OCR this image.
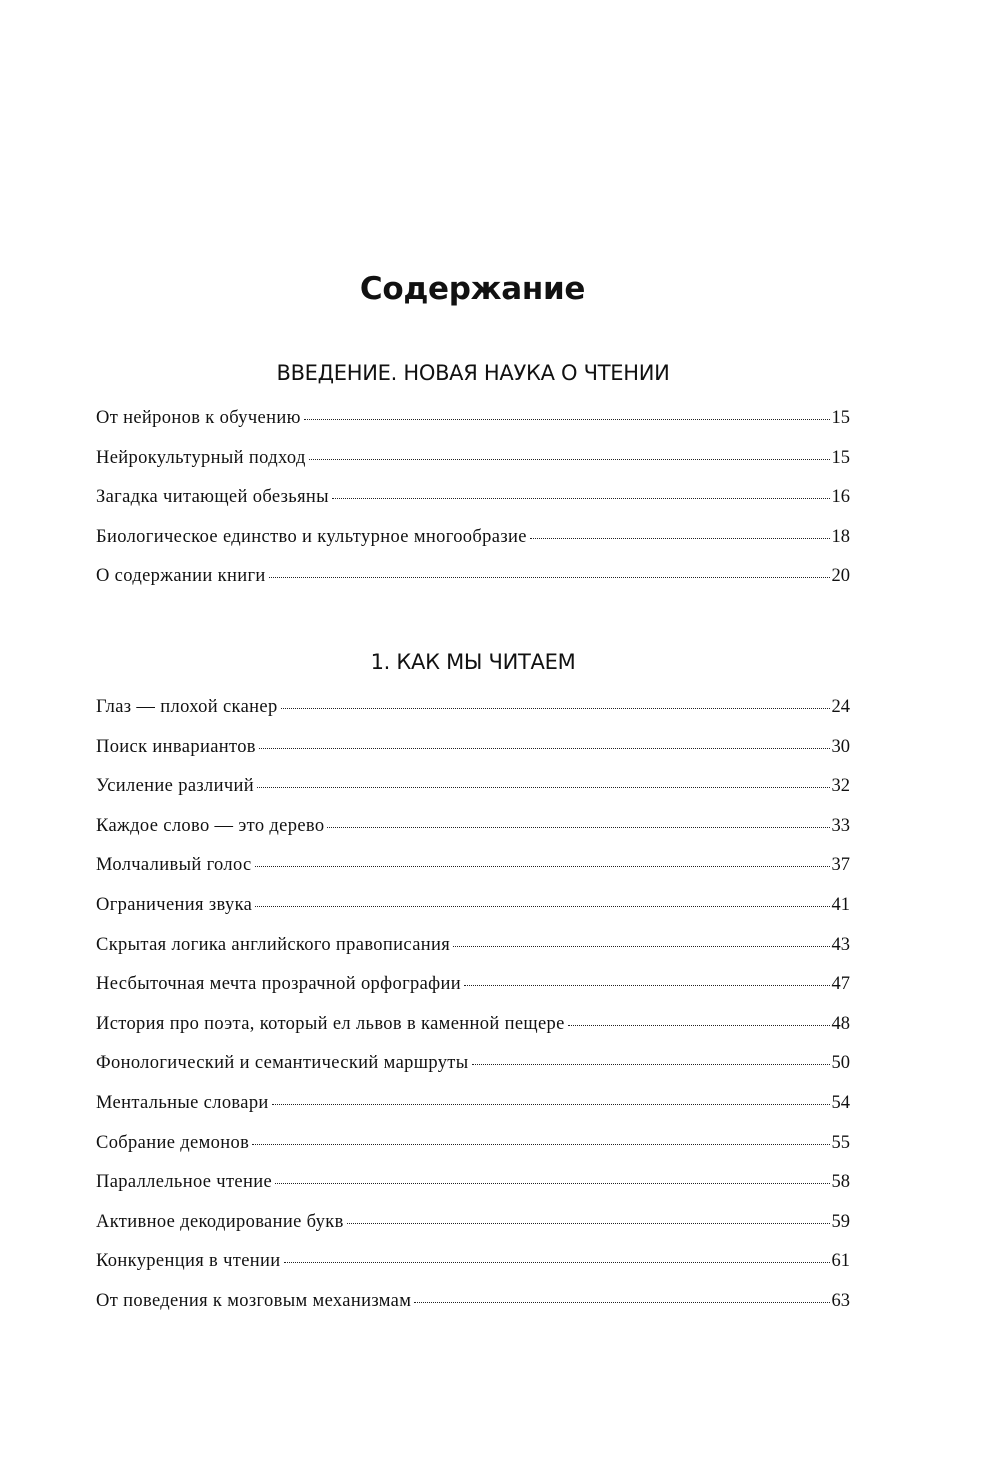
Содержание
ВВЕДЕНИЕ. НОВАЯ НАУКА О ЧТЕНИИ
От нейронов к обучению	15
Нейрокультурный подход	15
Загадка читающей обезьяны	16
Биологическое единство и культурное многообразие	18
О содержании книги	20
1. КАК МЫ ЧИТАЕМ
Глаз — плохой сканер	24
Поиск инвариантов	30
Усиление различий	32
Каждое слово — это дерево	33
Молчаливый голос	37
Ограничения звука	41
Скрытая логика английского правописания	43
Несбыточная мечта прозрачной орфографии	47
История про поэта, который ел львов в каменной пещере	48
Фонологический и семантический маршруты	50
Ментальные словари	54
Собрание демонов	55
Параллельное чтение	58
Активное декодирование букв	59
Конкуренция в чтении	61
От поведения к мозговым механизмам	63
